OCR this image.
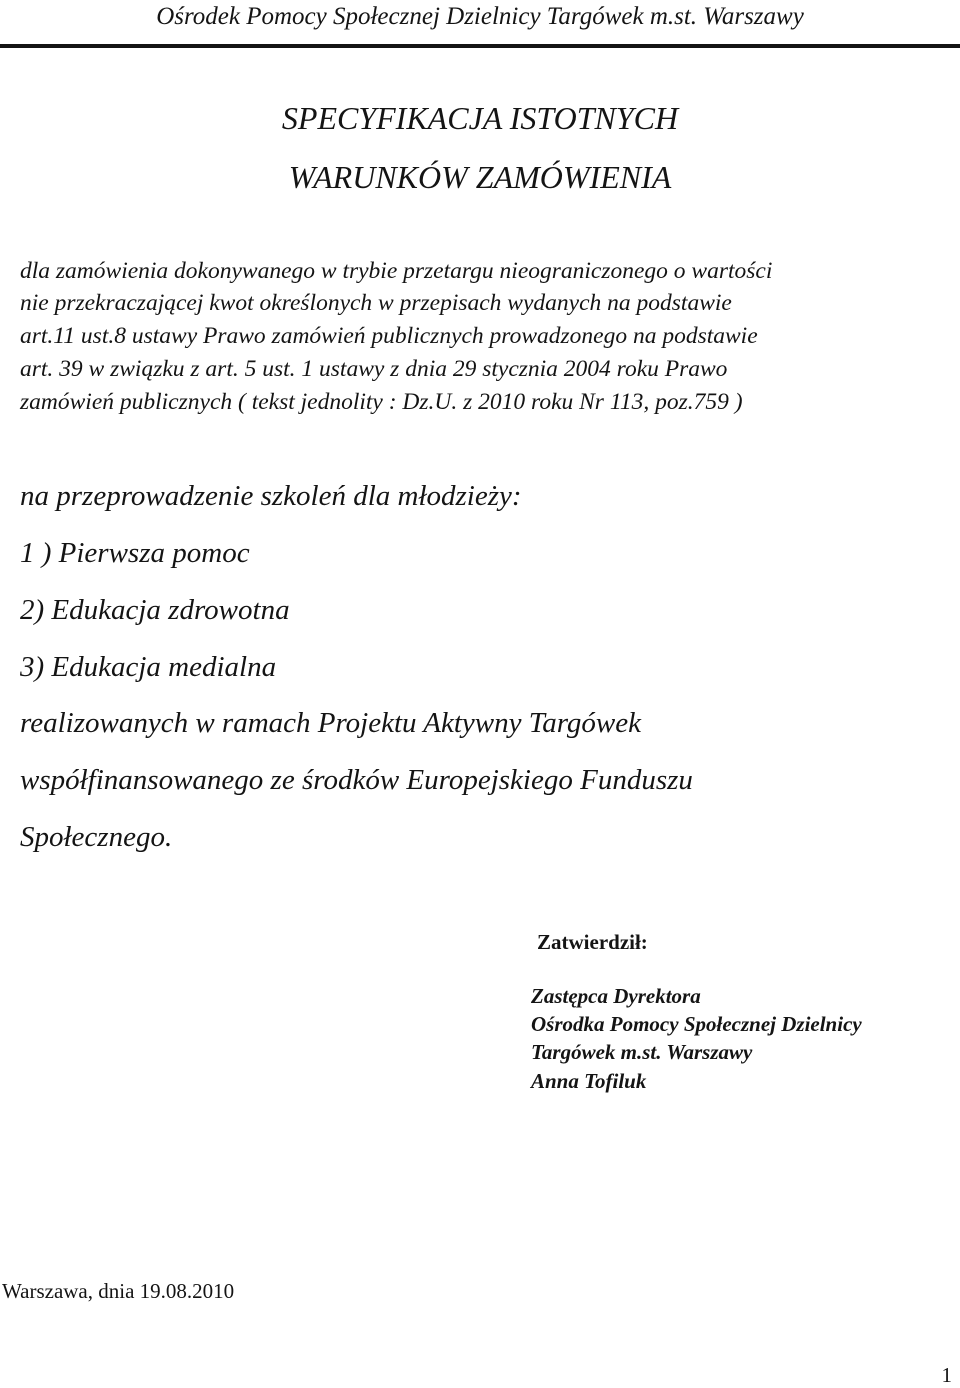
Ośrodek Pomocy Społecznej Dzielnicy Targówek m.st. Warszawy
SPECYFIKACJA ISTOTNYCH
WARUNKÓW ZAMÓWIENIA
dla zamówienia dokonywanego w trybie przetargu nieograniczonego o wartości
nie przekraczającej kwot określonych w przepisach wydanych na podstawie
art.11 ust.8 ustawy Prawo zamówień publicznych prowadzonego na podstawie
art. 39 w związku z art. 5 ust. 1 ustawy z dnia 29 stycznia 2004 roku Prawo
zamówień publicznych ( tekst jednolity : Dz.U. z 2010 roku Nr 113, poz.759 )
na przeprowadzenie szkoleń dla młodzieży:
1 ) Pierwsza pomoc
2) Edukacja zdrowotna
3) Edukacja medialna
realizowanych w ramach Projektu Aktywny Targówek
współfinansowanego ze środków Europejskiego Funduszu
Społecznego.
Zatwierdził:
Zastępca Dyrektora
Ośrodka Pomocy Społecznej Dzielnicy
Targówek m.st. Warszawy
Anna Tofiluk
Warszawa, dnia 19.08.2010
1
